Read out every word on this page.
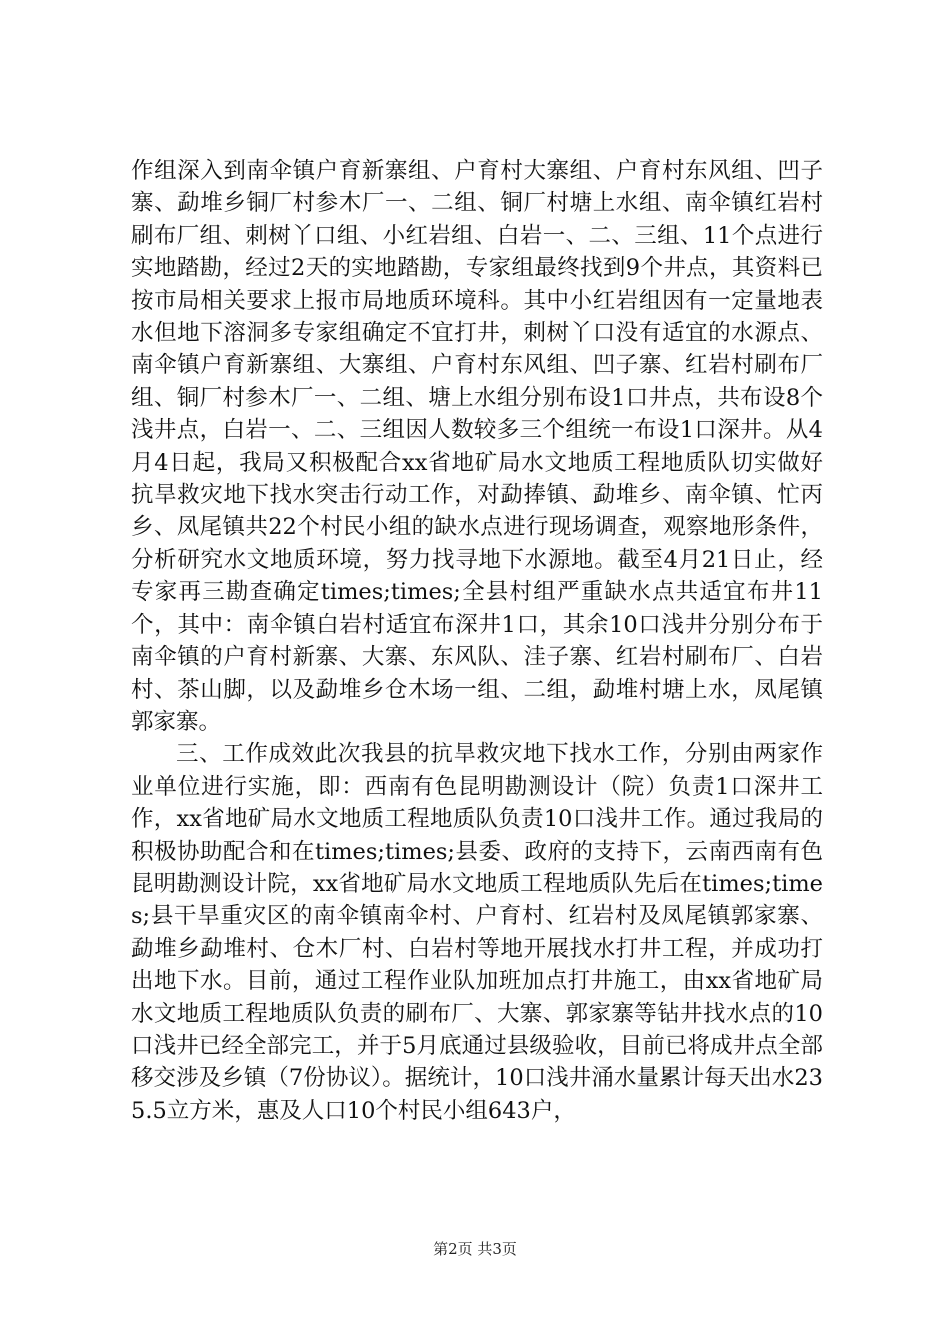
作组深入到南伞镇户育新寨组、户育村大寨组、户育村东风组、凹子寨、勐堆乡铜厂村参木厂一、二组、铜厂村塘上水组、南伞镇红岩村刷布厂组、刺树丫口组、小红岩组、白岩一、二、三组、11个点进行实地踏勘，经过2天的实地踏勘，专家组最终找到9个井点，其资料已按市局相关要求上报市局地质环境科。其中小红岩组因有一定量地表水但地下溶洞多专家组确定不宜打井，刺树丫口没有适宜的水源点、南伞镇户育新寨组、大寨组、户育村东风组、凹子寨、红岩村刷布厂组、铜厂村参木厂一、二组、塘上水组分别布设1口井点，共布设8个浅井点，白岩一、二、三组因人数较多三个组统一布设1口深井。从4月4日起，我局又积极配合xx省地矿局水文地质工程地质队切实做好抗旱救灾地下找水突击行动工作，对勐捧镇、勐堆乡、南伞镇、忙丙乡、凤尾镇共22个村民小组的缺水点进行现场调查，观察地形条件，分析研究水文地质环境，努力找寻地下水源地。截至4月21日止，经专家再三勘查确定times;times;全县村组严重缺水点共适宜布井11个，其中：南伞镇白岩村适宜布深井1口，其余10口浅井分别分布于南伞镇的户育村新寨、大寨、东风队、洼子寨、红岩村刷布厂、白岩村、茶山脚，以及勐堆乡仓木场一组、二组，勐堆村塘上水，凤尾镇郭家寨。

三、工作成效此次我县的抗旱救灾地下找水工作，分别由两家作业单位进行实施，即：西南有色昆明勘测设计（院）负责1口深井工作，xx省地矿局水文地质工程地质队负责10口浅井工作。通过我局的积极协助配合和在times;times;县委、政府的支持下，云南西南有色昆明勘测设计院，xx省地矿局水文地质工程地质队先后在times;times;县干旱重灾区的南伞镇南伞村、户育村、红岩村及凤尾镇郭家寨、勐堆乡勐堆村、仓木厂村、白岩村等地开展找水打井工程，并成功打出地下水。目前，通过工程作业队加班加点打井施工，由xx省地矿局水文地质工程地质队负责的刷布厂、大寨、郭家寨等钻井找水点的10口浅井已经全部完工，并于5月底通过县级验收，目前已将成井点全部移交涉及乡镇（7份协议）。据统计，10口浅井涌水量累计每天出水235.5立方米，惠及人口10个村民小组643户，

第2页 共3页
